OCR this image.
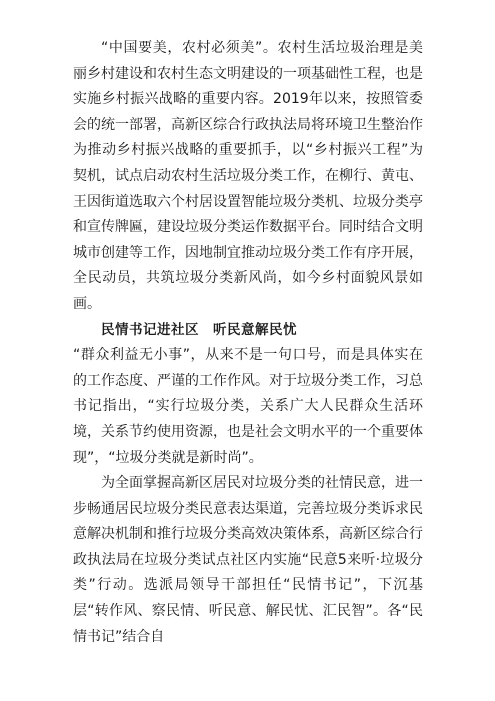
“中国要美，农村必须美”。农村生活垃圾治理是美丽乡村建设和农村生态文明建设的一项基础性工程，也是实施乡村振兴战略的重要内容。2019年以来，按照管委会的统一部署，高新区综合行政执法局将环境卫生整治作为推动乡村振兴战略的重要抓手，以“乡村振兴工程”为契机，试点启动农村生活垃圾分类工作，在柳行、黄屯、王因街道选取六个村居设置智能垃圾分类机、垃圾分类亭和宣传牌匾，建设垃圾分类运作数据平台。同时结合文明城市创建等工作，因地制宜推动垃圾分类工作有序开展，全民动员，共筑垃圾分类新风尚，如今乡村面貌风景如画。

民情书记进社区 听民意解民忧

“群众利益无小事”，从来不是一句口号，而是具体实在的工作态度、严谨的工作作风。对于垃圾分类工作，习总书记指出，“实行垃圾分类，关系广大人民群众生活环境，关系节约使用资源，也是社会文明水平的一个重要体现”，“垃圾分类就是新时尚”。

为全面掌握高新区居民对垃圾分类的社情民意，进一步畅通居民垃圾分类民意表达渠道，完善垃圾分类诉求民意解决机制和推行垃圾分类高效决策体系，高新区综合行政执法局在垃圾分类试点社区内实施“民意5来听·垃圾分类”行动。选派局领导干部担任“民情书记”，下沉基层“转作风、察民情、听民意、解民忧、汇民智”。各“民情书记”结合自
